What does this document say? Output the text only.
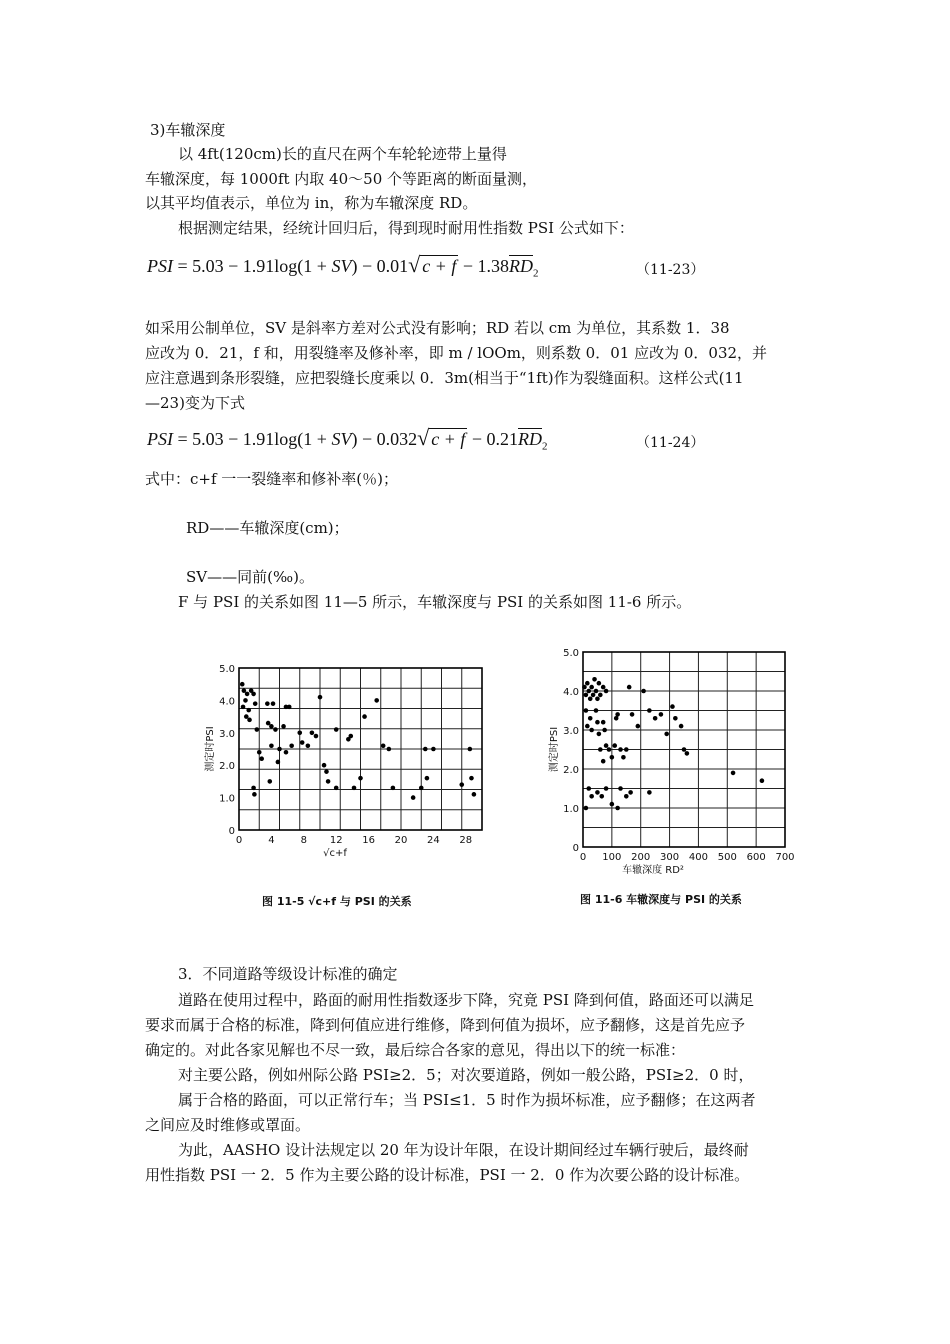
3)车辙深度
以 4ft(120cm)长的直尺在两个车轮轮迹带上量得
车辙深度，每 1000ft 内取 40～50 个等距离的断面量测，
以其平均值表示，单位为 in，称为车辙深度 RD。
根据测定结果，经统计回归后，得到现时耐用性指数 PSI 公式如下：
PSI = 5.03 − 1.91log(1 + SV) − 0.01√ $c + f - 1.38RD_2$	（11-23）
如采用公制单位，SV 是斜率方差对公式没有影响；RD 若以 cm 为单位，其系数 1．38
应改为 0．21，f 和，用裂缝率及修补率，即 m / lOOm，则系数 0．01 应改为 0．032，并
应注意遇到条形裂缝，应把裂缝长度乘以 0．3m(相当于“1ft)作为裂缝面积。这样公式(11
—23)变为下式
PSI = 5.03 − 1.91log(1 + SV) − 0.032√ $c + f - 0.21RD_2$	（11-24）
式中：c+f 一一裂缝率和修补率(％)；
RD——车辙深度(cm)；
SV——同前(‰)。
F 与 PSI 的关系如图 11—5 所示，车辙深度与 PSI 的关系如图 11-6 所示。
0	4	8 12 16 20 24 28
0
1.0
2.0
3.0
4.0
5.0
测定时PSI
√c+f	0 100 200 300 400 500 600 700
0
1.0
2.0
3.0
4.0
5.0
测定时PSI
车辙深度 RD²
图 11-5 √c+f 与 PSI 的关系	图 11-6 车辙深度与 PSI 的关系
3．不同道路等级设计标准的确定
道路在使用过程中，路面的耐用性指数逐步下降，究竟 PSI 降到何值，路面还可以满足
要求而属于合格的标准，降到何值应进行维修，降到何值为损坏，应予翻修，这是首先应予
确定的。对此各家见解也不尽一致，最后综合各家的意见，得出以下的统一标准：
对主要公路，例如州际公路 PSI≥2．5；对次要道路，例如一般公路，PSI≥2．0 时，
属于合格的路面，可以正常行车；当 PSI≤1．5 时作为损坏标准，应予翻修；在这两者
之间应及时维修或罩面。
为此，AASHO 设计法规定以 20 年为设计年限，在设计期间经过车辆行驶后，最终耐
用性指数 PSI 一 2．5 作为主要公路的设计标准，PSI 一 2．0 作为次要公路的设计标准。
